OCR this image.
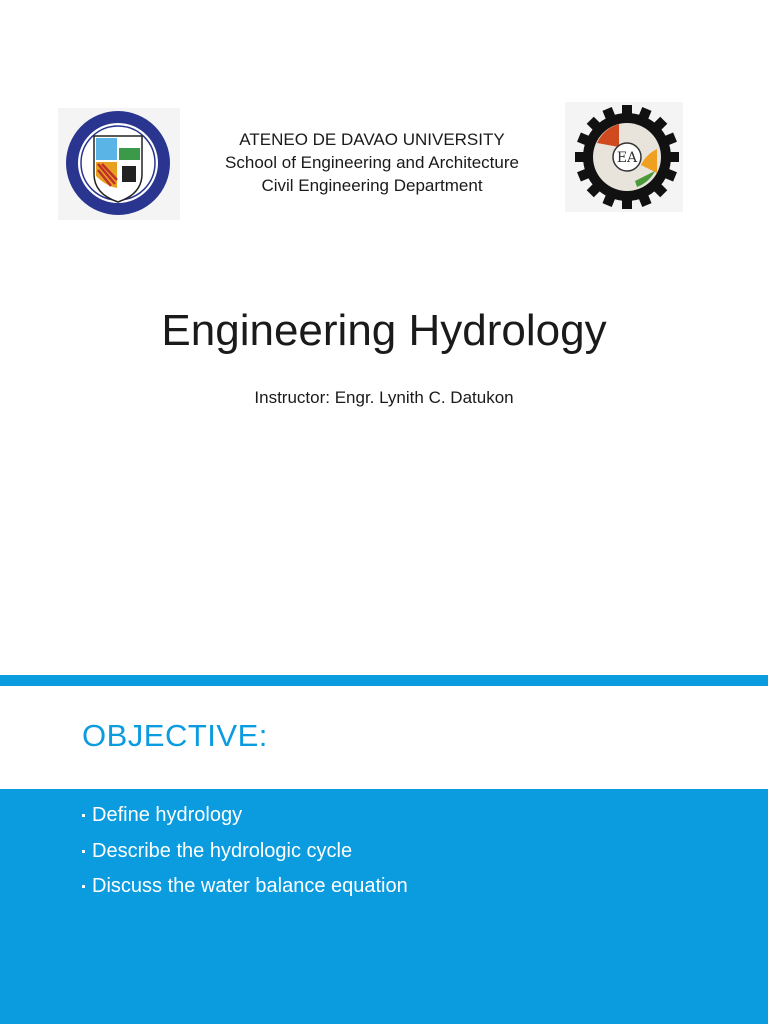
ATENEO DE DAVAO UNIVERSITY
School of Engineering and Architecture
Civil Engineering Department
EA
Engineering Hydrology
Instructor: Engr. Lynith C. Datukon
OBJECTIVE:
Define hydrology
Describe the hydrologic cycle
Discuss the water balance equation
